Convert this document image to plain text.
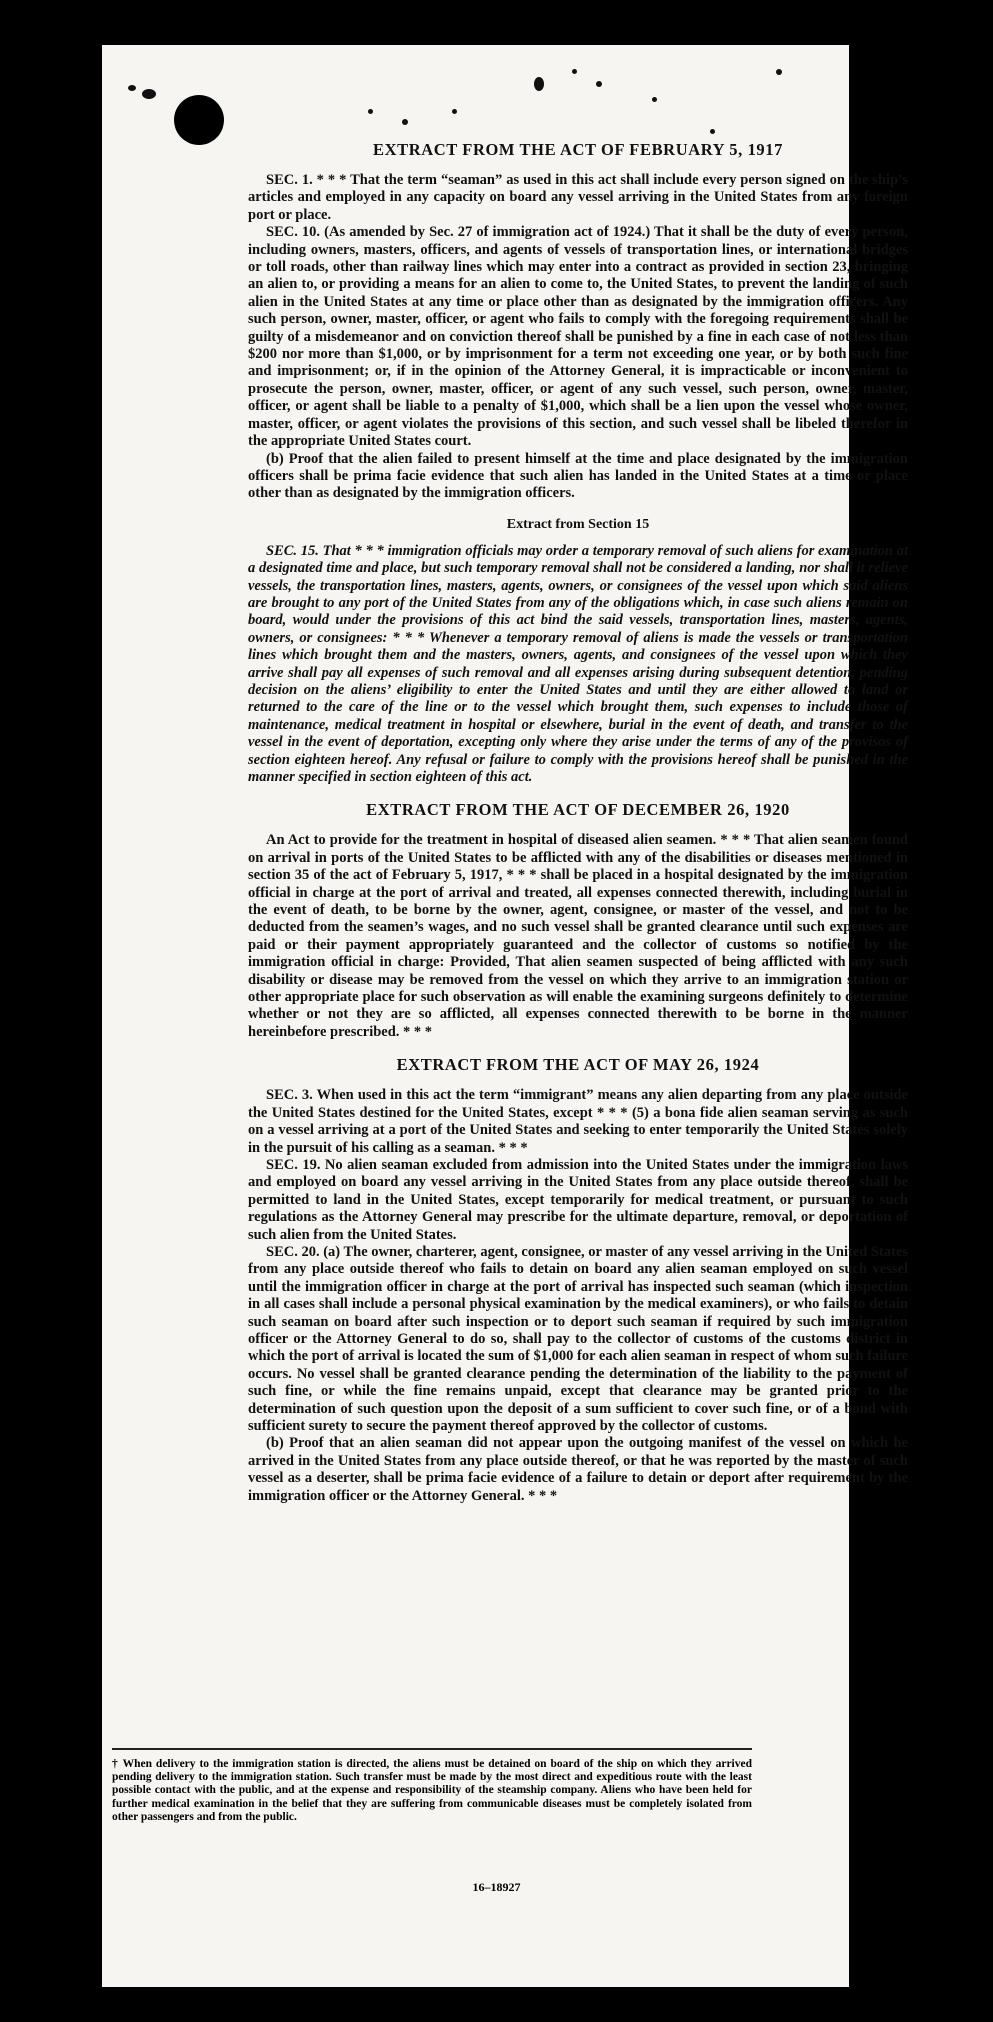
EXTRACT FROM THE ACT OF FEBRUARY 5, 1917

SEC. 1. * * * That the term “seaman” as used in this act shall include every person signed on the ship’s articles and employed in any capacity on board any vessel arriving in the United States from any foreign port or place.

SEC. 10. (As amended by Sec. 27 of immigration act of 1924.) That it shall be the duty of every person, including owners, masters, officers, and agents of vessels of transportation lines, or international bridges or toll roads, other than railway lines which may enter into a contract as provided in section 23, bringing an alien to, or providing a means for an alien to come to, the United States, to prevent the landing of such alien in the United States at any time or place other than as designated by the immigration officers. Any such person, owner, master, officer, or agent who fails to comply with the foregoing requirements shall be guilty of a misdemeanor and on conviction thereof shall be punished by a fine in each case of not less than $200 nor more than $1,000, or by imprisonment for a term not exceeding one year, or by both such fine and imprisonment; or, if in the opinion of the Attorney General, it is impracticable or inconvenient to prosecute the person, owner, master, officer, or agent of any such vessel, such person, owner, master, officer, or agent shall be liable to a penalty of $1,000, which shall be a lien upon the vessel whose owner, master, officer, or agent violates the provisions of this section, and such vessel shall be libeled therefor in the appropriate United States court.

(b) Proof that the alien failed to present himself at the time and place designated by the immigration officers shall be prima facie evidence that such alien has landed in the United States at a time or place other than as designated by the immigration officers.

Extract from Section 15

SEC. 15. That * * * immigration officials may order a temporary removal of such aliens for examination at a designated time and place, but such temporary removal shall not be considered a landing, nor shall it relieve vessels, the transportation lines, masters, agents, owners, or consignees of the vessel upon which said aliens are brought to any port of the United States from any of the obligations which, in case such aliens remain on board, would under the provisions of this act bind the said vessels, transportation lines, masters, agents, owners, or consignees: * * * Whenever a temporary removal of aliens is made the vessels or transportation lines which brought them and the masters, owners, agents, and consignees of the vessel upon which they arrive shall pay all expenses of such removal and all expenses arising during subsequent detention, pending decision on the aliens’ eligibility to enter the United States and until they are either allowed to land or returned to the care of the line or to the vessel which brought them, such expenses to include those of maintenance, medical treatment in hospital or elsewhere, burial in the event of death, and transfer to the vessel in the event of deportation, excepting only where they arise under the terms of any of the provisos of section eighteen hereof. Any refusal or failure to comply with the provisions hereof shall be punished in the manner specified in section eighteen of this act.

EXTRACT FROM THE ACT OF DECEMBER 26, 1920

An Act to provide for the treatment in hospital of diseased alien seamen. * * * That alien seamen found on arrival in ports of the United States to be afflicted with any of the disabilities or diseases mentioned in section 35 of the act of February 5, 1917, * * * shall be placed in a hospital designated by the immigration official in charge at the port of arrival and treated, all expenses connected therewith, including burial in the event of death, to be borne by the owner, agent, consignee, or master of the vessel, and not to be deducted from the seamen’s wages, and no such vessel shall be granted clearance until such expenses are paid or their payment appropriately guaranteed and the collector of customs so notified by the immigration official in charge: Provided, That alien seamen suspected of being afflicted with any such disability or disease may be removed from the vessel on which they arrive to an immigration station or other appropriate place for such observation as will enable the examining surgeons definitely to determine whether or not they are so afflicted, all expenses connected therewith to be borne in the manner hereinbefore prescribed. * * *

EXTRACT FROM THE ACT OF MAY 26, 1924

SEC. 3. When used in this act the term “immigrant” means any alien departing from any place outside the United States destined for the United States, except * * * (5) a bona fide alien seaman serving as such on a vessel arriving at a port of the United States and seeking to enter temporarily the United States solely in the pursuit of his calling as a seaman. * * *

SEC. 19. No alien seaman excluded from admission into the United States under the immigration laws and employed on board any vessel arriving in the United States from any place outside thereof, shall be permitted to land in the United States, except temporarily for medical treatment, or pursuant to such regulations as the Attorney General may prescribe for the ultimate departure, removal, or deportation of such alien from the United States.

SEC. 20. (a) The owner, charterer, agent, consignee, or master of any vessel arriving in the United States from any place outside thereof who fails to detain on board any alien seaman employed on such vessel until the immigration officer in charge at the port of arrival has inspected such seaman (which inspection in all cases shall include a personal physical examination by the medical examiners), or who fails to detain such seaman on board after such inspection or to deport such seaman if required by such immigration officer or the Attorney General to do so, shall pay to the collector of customs of the customs district in which the port of arrival is located the sum of $1,000 for each alien seaman in respect of whom such failure occurs. No vessel shall be granted clearance pending the determination of the liability to the payment of such fine, or while the fine remains unpaid, except that clearance may be granted prior to the determination of such question upon the deposit of a sum sufficient to cover such fine, or of a bond with sufficient surety to secure the payment thereof approved by the collector of customs.

(b) Proof that an alien seaman did not appear upon the outgoing manifest of the vessel on which he arrived in the United States from any place outside thereof, or that he was reported by the master of such vessel as a deserter, shall be prima facie evidence of a failure to detain or deport after requirement by the immigration officer or the Attorney General. * * *

† When delivery to the immigration station is directed, the aliens must be detained on board of the ship on which they arrived pending delivery to the immigration station. Such transfer must be made by the most direct and expeditious route with the least possible contact with the public, and at the expense and responsibility of the steamship company. Aliens who have been held for further medical examination in the belief that they are suffering from communicable diseases must be completely isolated from other passengers and from the public.

16–18927
